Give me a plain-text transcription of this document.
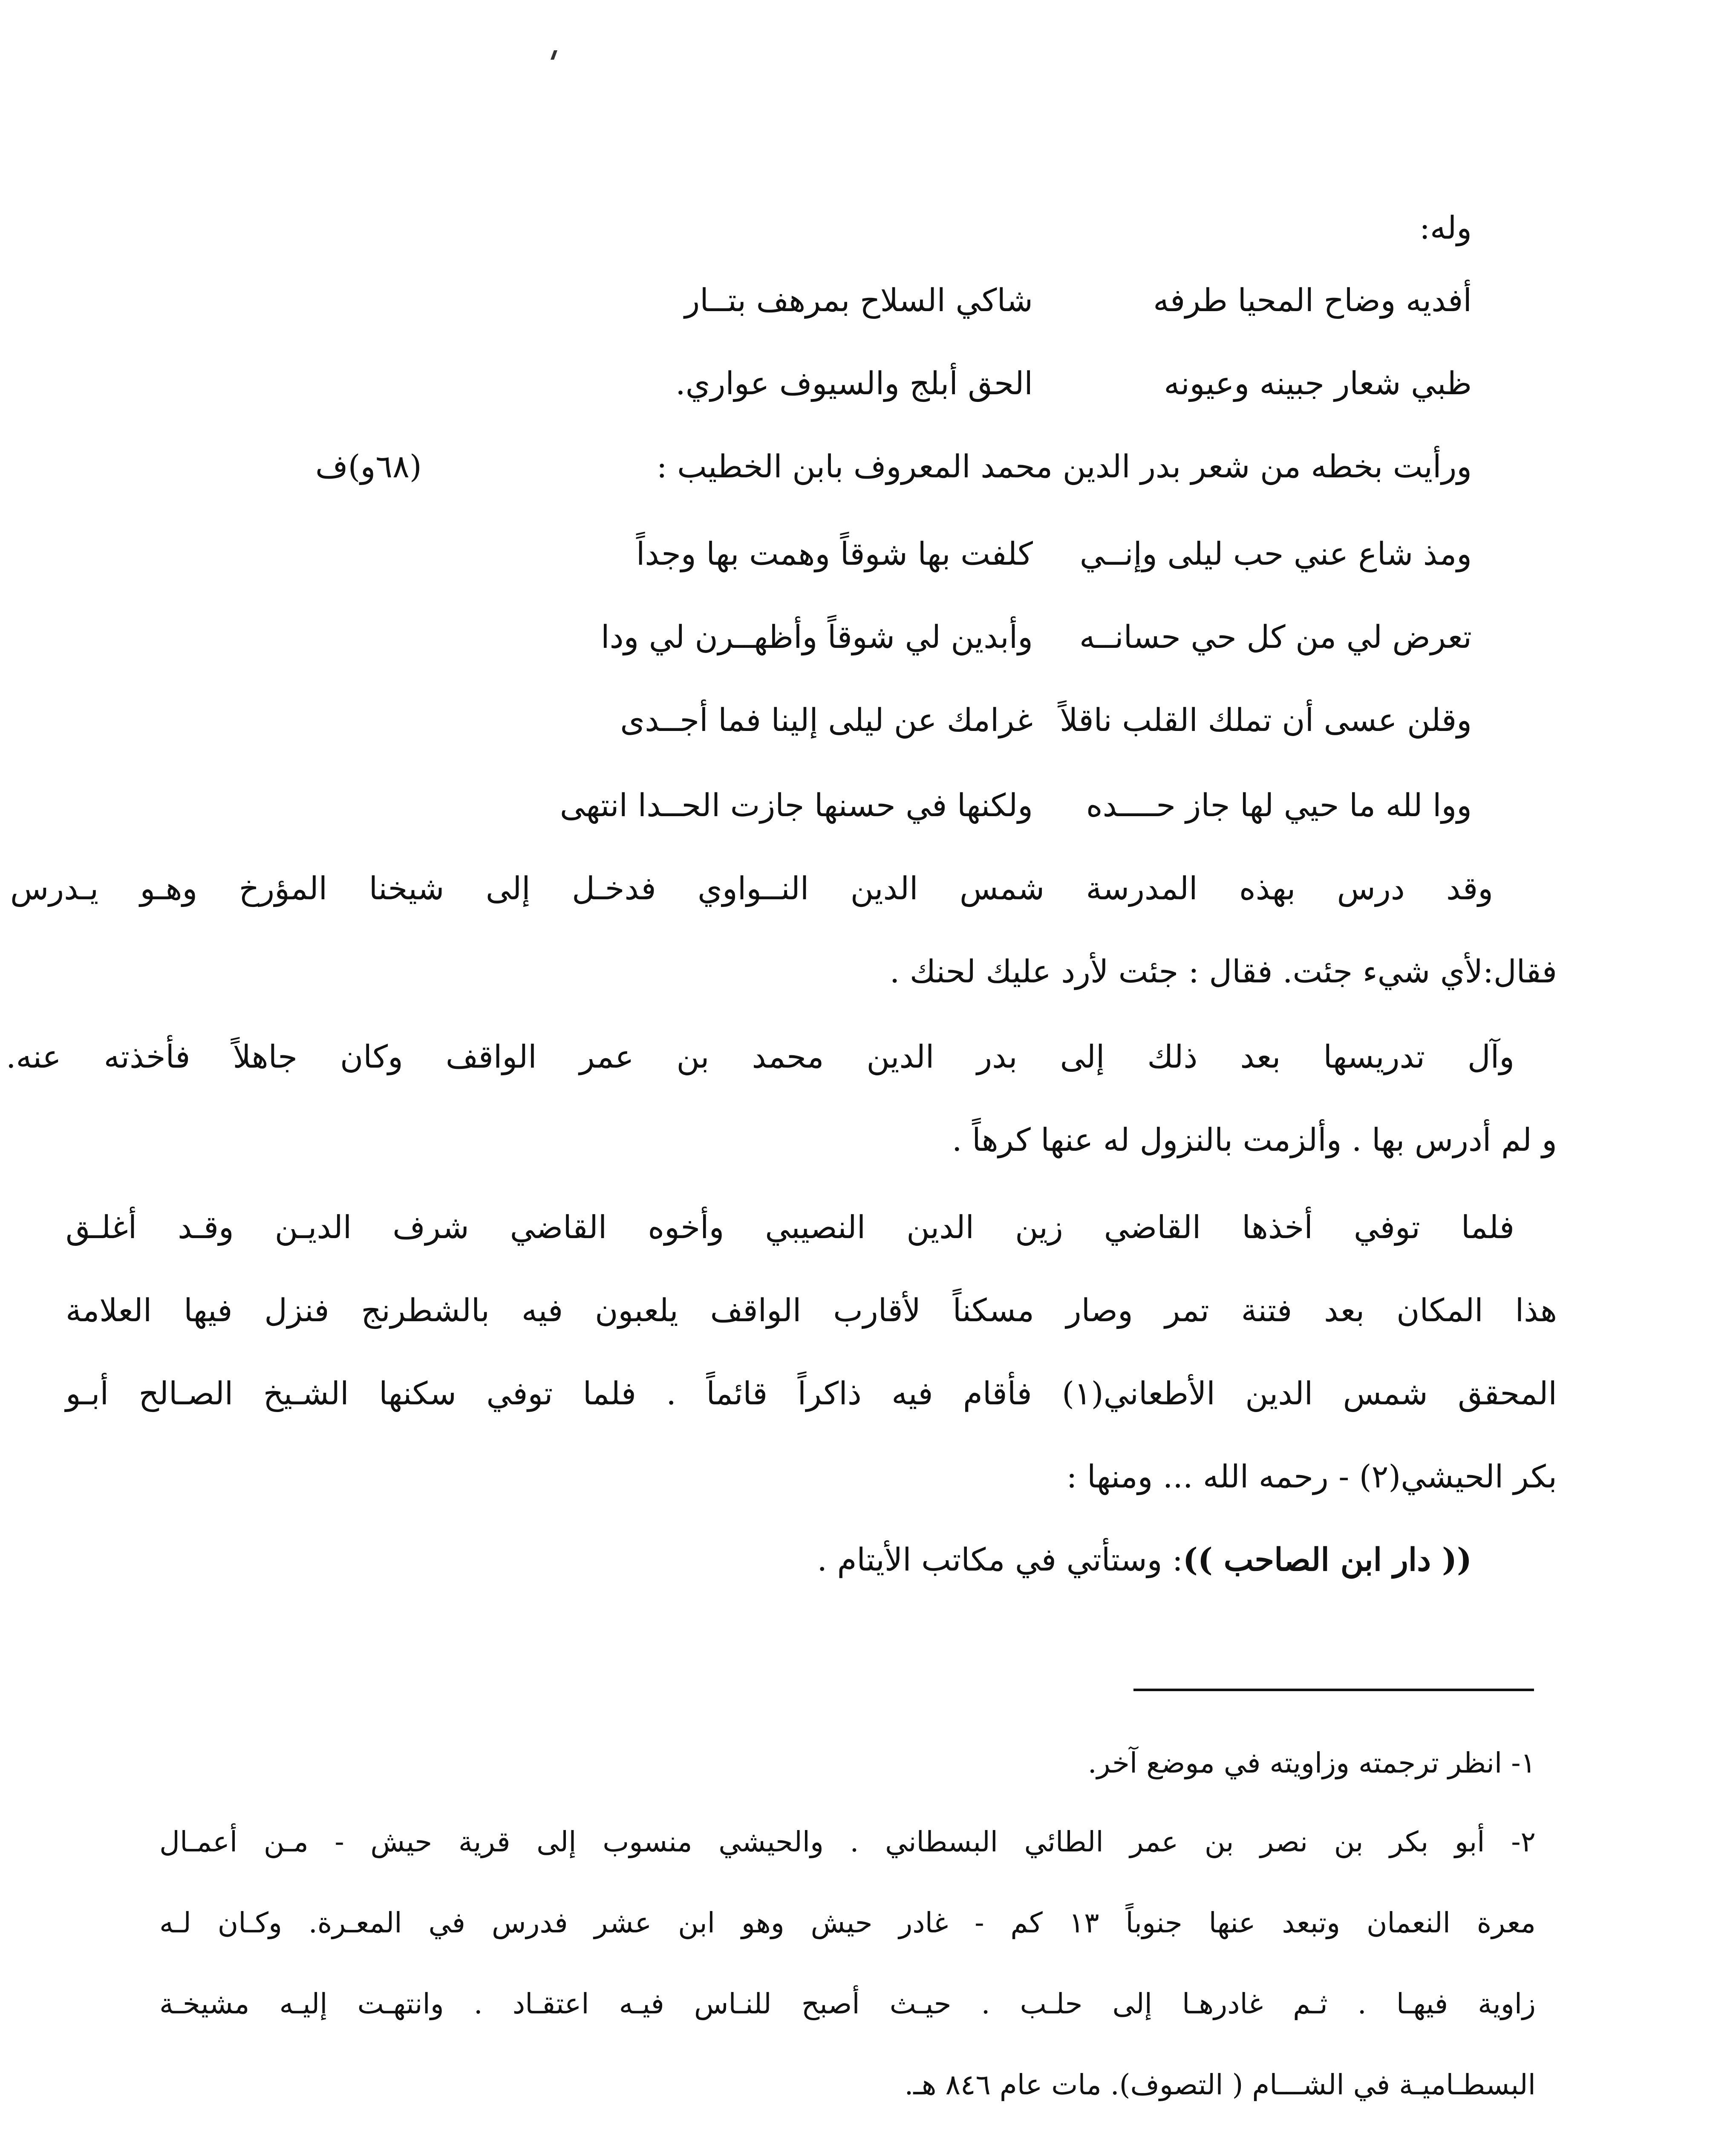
وله:
أفديه وضاح المحيا طرفه
شاكي السلاح بمرهف بتــار
ظبي شعار جبينه وعيونه
الحق أبلج والسيوف عواري.
ورأيت بخطه من شعر بدر الدين محمد المعروف بابن الخطيب :
(٦٨و)ف
ومذ شاع عني حب ليلى وإنــي
كلفت بها شوقاً وهمت بها وجداً
تعرض لي من كل حي حسانــه
وأبدين لي شوقاً وأظهــرن لي ودا
وقلن عسى أن تملك القلب ناقلاً
غرامك عن ليلى إلينا فما أجــدى
ووا لله ما حيي لها جاز حــــده
ولكنها في حسنها جازت الحــدا انتهى
وقد درس بهذه المدرسة شمس الدين النــواوي فدخـل إلى شيخنا المؤرخ وهـو يـدرس
فقال:لأي شيء جئت. فقال : جئت لأرد عليك لحنك .
وآل تدريسها بعد ذلك إلى بدر الدين محمد بن عمر الواقف وكان جاهلاً فأخذته عنه.
و لم أدرس بها . وألزمت بالنزول له عنها كرهاً .
فلما توفي أخذها القاضي زين الدين النصيبي وأخوه القاضي شرف الديـن وقـد أغلـق
هذا المكان بعد فتنة تمر وصار مسكناً لأقارب الواقف يلعبون فيه بالشطرنج فنزل فيها العلامة
المحقق شمس الدين الأطعاني(١) فأقام فيه ذاكراً قائماً . فلما توفي سكنها الشـيخ الصـالح أبـو
بكر الحيشي(٢) - رحمه الله ... ومنها :
(( دار ابن الصاحب )): وستأتي في مكاتب الأيتام .
١- انظر ترجمته وزاويته في موضع آخر.
٢- أبو بكر بن نصر بن عمر الطائي البسطاني . والحيشي منسوب إلى قرية حيش - مـن أعمـال
معرة النعمان وتبعد عنها جنوباً ١٣ كم - غادر حيش وهو ابن عشر فدرس في المعـرة. وكـان لـه
زاوية فيهـا . ثـم غادرهـا إلى حلـب . حيـث أصبح للنـاس فيـه اعتقـاد . وانتهـت إليـه مشيخـة
البسطـاميـة في الشـــام ( التصوف). مات عام ٨٤٦ هـ.
